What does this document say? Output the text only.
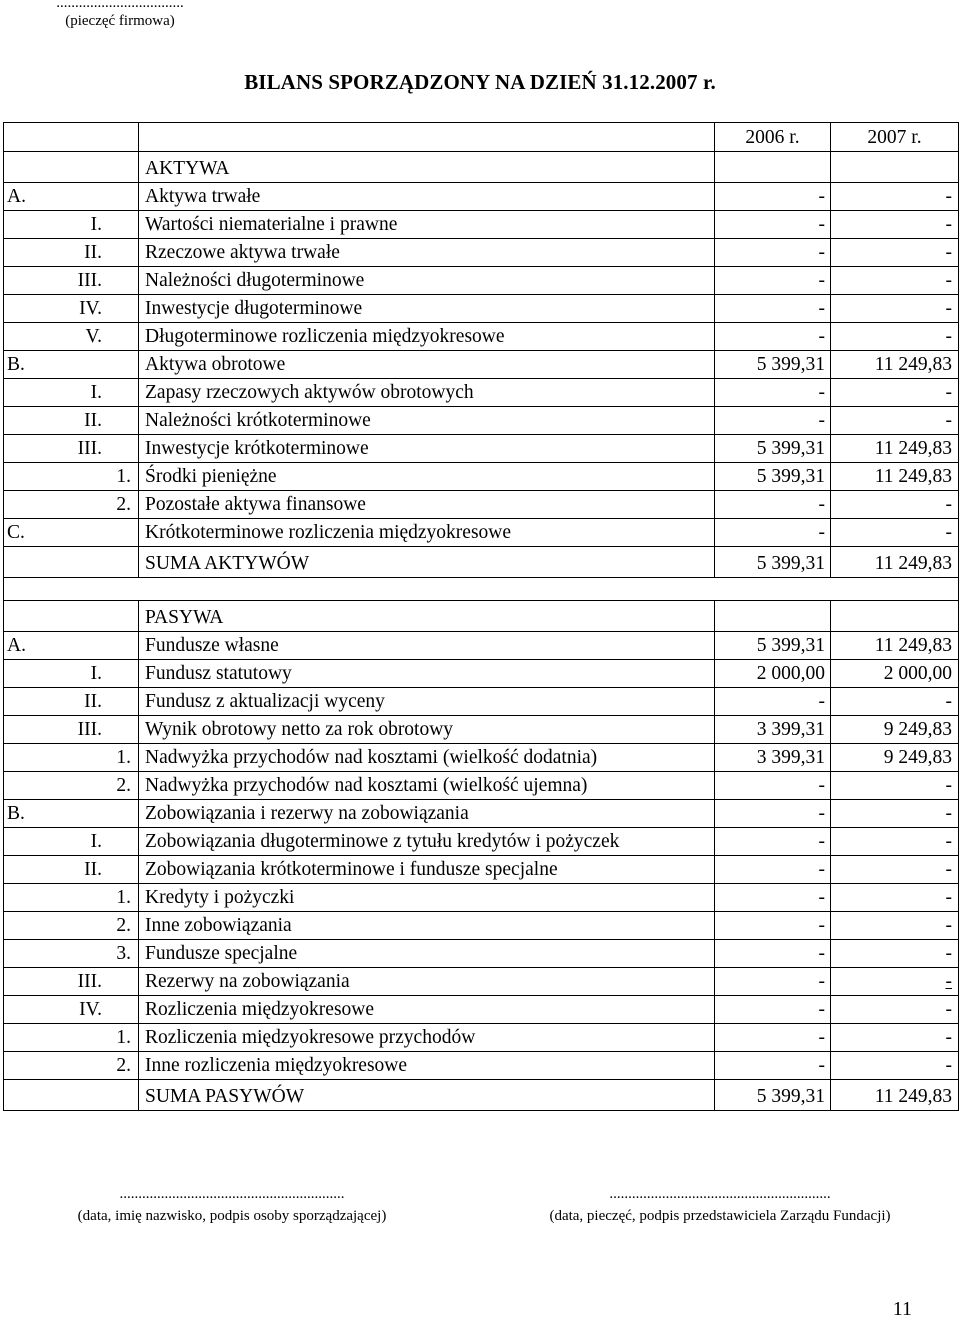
..................................
(pieczęć firmowa)
BILANS SPORZĄDZONY NA DZIEŃ 31.12.2007 r.
		2006 r.	2007 r.
	AKTYWA		
A.	Aktywa trwałe	-	-
I.	Wartości niematerialne i prawne	-	-
II.	Rzeczowe aktywa trwałe	-	-
III.	Należności długoterminowe	-	-
IV.	Inwestycje długoterminowe	-	-
V.	Długoterminowe rozliczenia międzyokresowe	-	-
B.	Aktywa obrotowe	5 399,31	11 249,83
I.	Zapasy rzeczowych aktywów obrotowych	-	-
II.	Należności krótkoterminowe	-	-
III.	Inwestycje krótkoterminowe	5 399,31	11 249,83
1.	Środki pieniężne	5 399,31	11 249,83
2.	Pozostałe aktywa finansowe	-	-
C.	Krótkoterminowe rozliczenia międzyokresowe	-	-
	SUMA AKTYWÓW	5 399,31	11 249,83

	PASYWA		
A.	Fundusze własne	5 399,31	11 249,83
I.	Fundusz statutowy	2 000,00	2 000,00
II.	Fundusz z aktualizacji wyceny	-	-
III.	Wynik obrotowy netto za rok obrotowy	3 399,31	9 249,83
1.	Nadwyżka przychodów nad kosztami (wielkość dodatnia)	3 399,31	9 249,83
2.	Nadwyżka przychodów nad kosztami (wielkość ujemna)	-	-
B.	Zobowiązania i rezerwy na zobowiązania	-	-
I.	Zobowiązania długoterminowe z tytułu kredytów i pożyczek	-	-
II.	Zobowiązania krótkoterminowe i fundusze specjalne	-	-
1.	Kredyty i pożyczki	-	-
2.	Inne zobowiązania	-	-
3.	Fundusze specjalne	-	-
III.	Rezerwy na zobowiązania	-	-
IV.	Rozliczenia międzyokresowe	-	-
1.	Rozliczenia międzyokresowe przychodów	-	-
2.	Inne rozliczenia międzyokresowe	-	-
	SUMA PASYWÓW	5 399,31	11 249,83
............................................................
(data, imię nazwisko, podpis osoby sporządzającej)
...........................................................
(data, pieczęć, podpis przedstawiciela Zarządu Fundacji)
11
